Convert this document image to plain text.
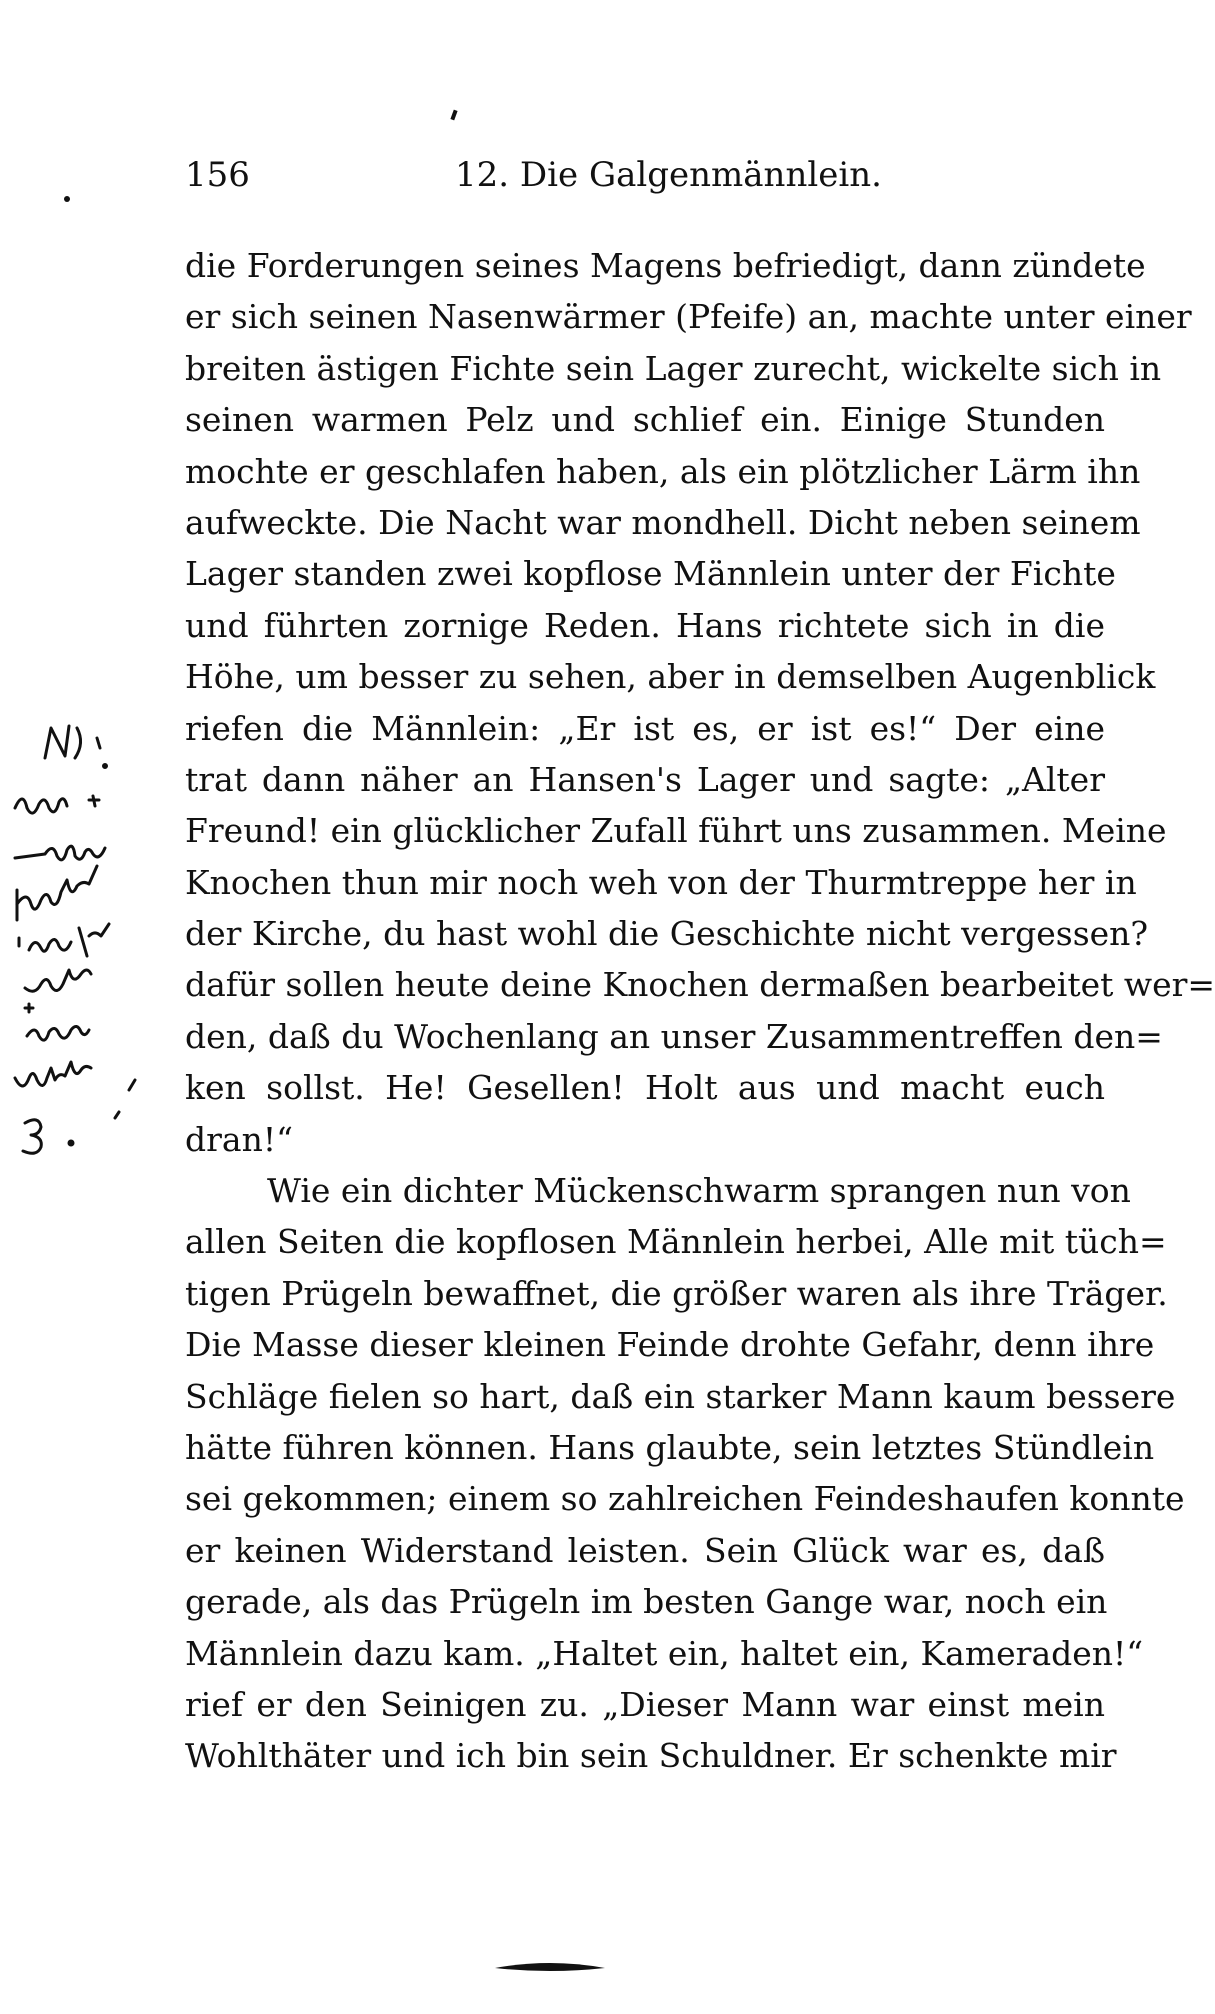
156	12. Die Galgenmännlein.
die Forderungen seines Magens befriedigt, dann zündete
er sich seinen Nasenwärmer (Pfeife) an, machte unter einer
breiten ästigen Fichte sein Lager zurecht, wickelte sich in
seinen warmen Pelz und schlief ein. Einige Stunden
mochte er geschlafen haben, als ein plötzlicher Lärm ihn
aufweckte. Die Nacht war mondhell. Dicht neben seinem
Lager standen zwei kopflose Männlein unter der Fichte
und führten zornige Reden. Hans richtete sich in die
Höhe, um besser zu sehen, aber in demselben Augenblick
riefen die Männlein: „Er ist es, er ist es!“ Der eine
trat dann näher an Hansen's Lager und sagte: „Alter
Freund! ein glücklicher Zufall führt uns zusammen. Meine
Knochen thun mir noch weh von der Thurmtreppe her in
der Kirche, du hast wohl die Geschichte nicht vergessen?
dafür sollen heute deine Knochen dermaßen bearbeitet wer=
den, daß du Wochenlang an unser Zusammentreffen den=
ken sollst. He! Gesellen! Holt aus und macht euch
dran!“
Wie ein dichter Mückenschwarm sprangen nun von
allen Seiten die kopflosen Männlein herbei, Alle mit tüch=
tigen Prügeln bewaffnet, die größer waren als ihre Träger.
Die Masse dieser kleinen Feinde drohte Gefahr, denn ihre
Schläge fielen so hart, daß ein starker Mann kaum bessere
hätte führen können. Hans glaubte, sein letztes Stündlein
sei gekommen; einem so zahlreichen Feindeshaufen konnte
er keinen Widerstand leisten. Sein Glück war es, daß
gerade, als das Prügeln im besten Gange war, noch ein
Männlein dazu kam. „Haltet ein, haltet ein, Kameraden!“
rief er den Seinigen zu. „Dieser Mann war einst mein
Wohlthäter und ich bin sein Schuldner. Er schenkte mir
